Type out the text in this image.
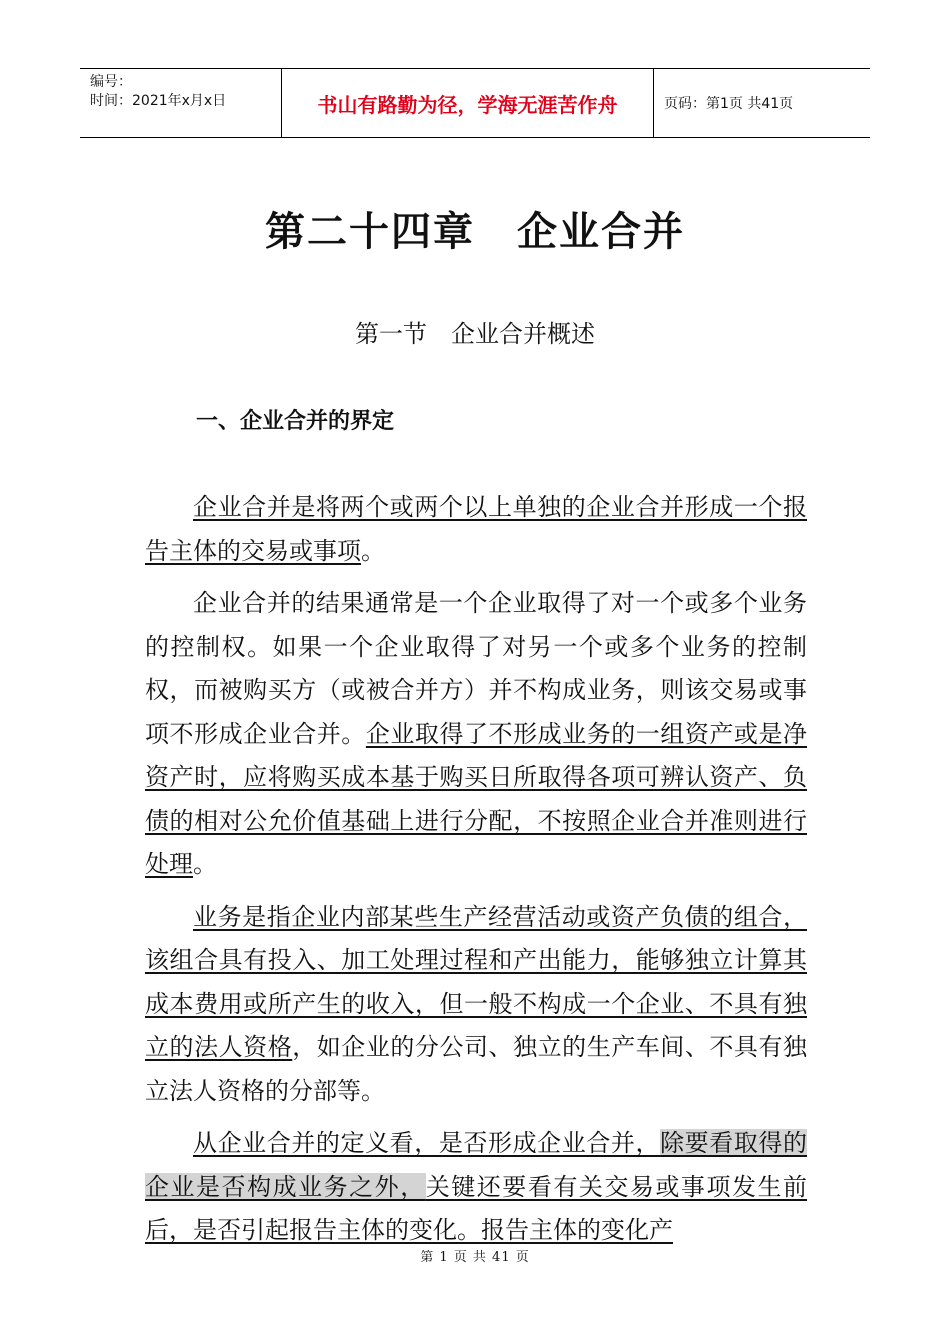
编号：
时间：2021年x月x日	书山有路勤为径，学海无涯苦作舟	页码：第1页 共41页
第二十四章　企业合并
第一节　企业合并概述
一、企业合并的界定

企业合并是将两个或两个以上单独的企业合并形成一个报告主体的交易或事项。

企业合并的结果通常是一个企业取得了对一个或多个业务的控制权。如果一个企业取得了对另一个或多个业务的控制权，而被购买方（或被合并方）并不构成业务，则该交易或事项不形成企业合并。企业取得了不形成业务的一组资产或是净资产时，应将购买成本基于购买日所取得各项可辨认资产、负债的相对公允价值基础上进行分配，不按照企业合并准则进行处理。

业务是指企业内部某些生产经营活动或资产负债的组合，该组合具有投入、加工处理过程和产出能力，能够独立计算其成本费用或所产生的收入，但一般不构成一个企业、不具有独立的法人资格，如企业的分公司、独立的生产车间、不具有独立法人资格的分部等。

从企业合并的定义看，是否形成企业合并，除要看取得的企业是否构成业务之外，关键还要看有关交易或事项发生前后，是否引起报告主体的变化。报告主体的变化产

第 1 页 共 41 页
